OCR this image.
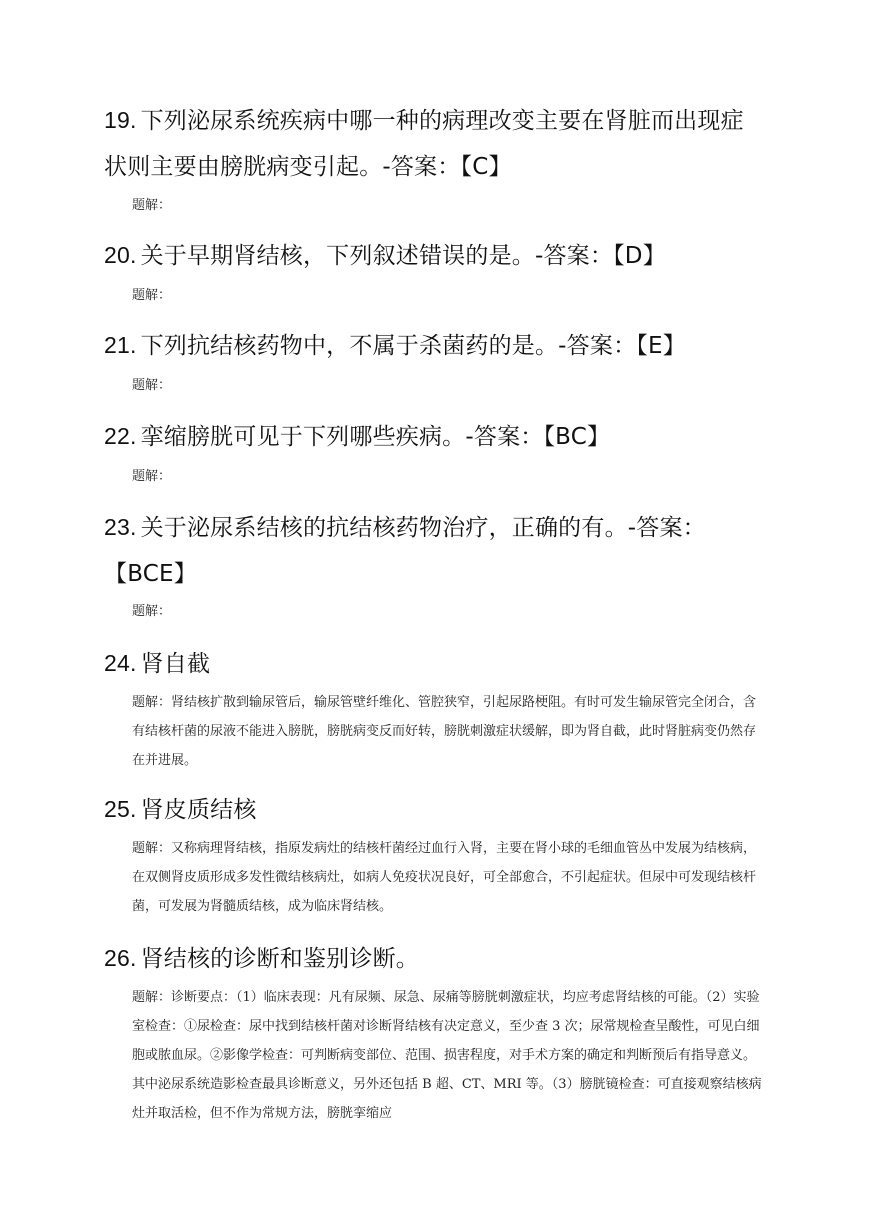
19. 下列泌尿系统疾病中哪一种的病理改变主要在肾脏而出现症状则主要由膀胱病变引起。-答案：【C】

题解：

20. 关于早期肾结核，下列叙述错误的是。-答案：【D】

题解：

21. 下列抗结核药物中，不属于杀菌药的是。-答案：【E】

题解：

22. 挛缩膀胱可见于下列哪些疾病。-答案：【BC】

题解：

23. 关于泌尿系结核的抗结核药物治疗，正确的有。-答案：【BCE】

题解：

24. 肾自截

题解：肾结核扩散到输尿管后，输尿管壁纤维化、管腔狭窄，引起尿路梗阻。有时可发生输尿管完全闭合，含有结核杆菌的尿液不能进入膀胱，膀胱病变反而好转，膀胱刺激症状缓解，即为肾自截，此时肾脏病变仍然存在并进展。

25. 肾皮质结核

题解：又称病理肾结核，指原发病灶的结核杆菌经过血行入肾，主要在肾小球的毛细血管丛中发展为结核病，在双侧肾皮质形成多发性微结核病灶，如病人免疫状况良好，可全部愈合，不引起症状。但尿中可发现结核杆菌，可发展为肾髓质结核，成为临床肾结核。

26. 肾结核的诊断和鉴别诊断。

题解：诊断要点：（1）临床表现：凡有尿频、尿急、尿痛等膀胱刺激症状，均应考虑肾结核的可能。（2）实验室检查：①尿检查：尿中找到结核杆菌对诊断肾结核有决定意义，至少查 3 次；尿常规检查呈酸性，可见白细胞或脓血尿。②影像学检查：可判断病变部位、范围、损害程度，对手术方案的确定和判断预后有指导意义。其中泌尿系统造影检查最具诊断意义，另外还包括 B 超、CT、MRI 等。（3）膀胱镜检查：可直接观察结核病灶并取活检，但不作为常规方法，膀胱挛缩应
